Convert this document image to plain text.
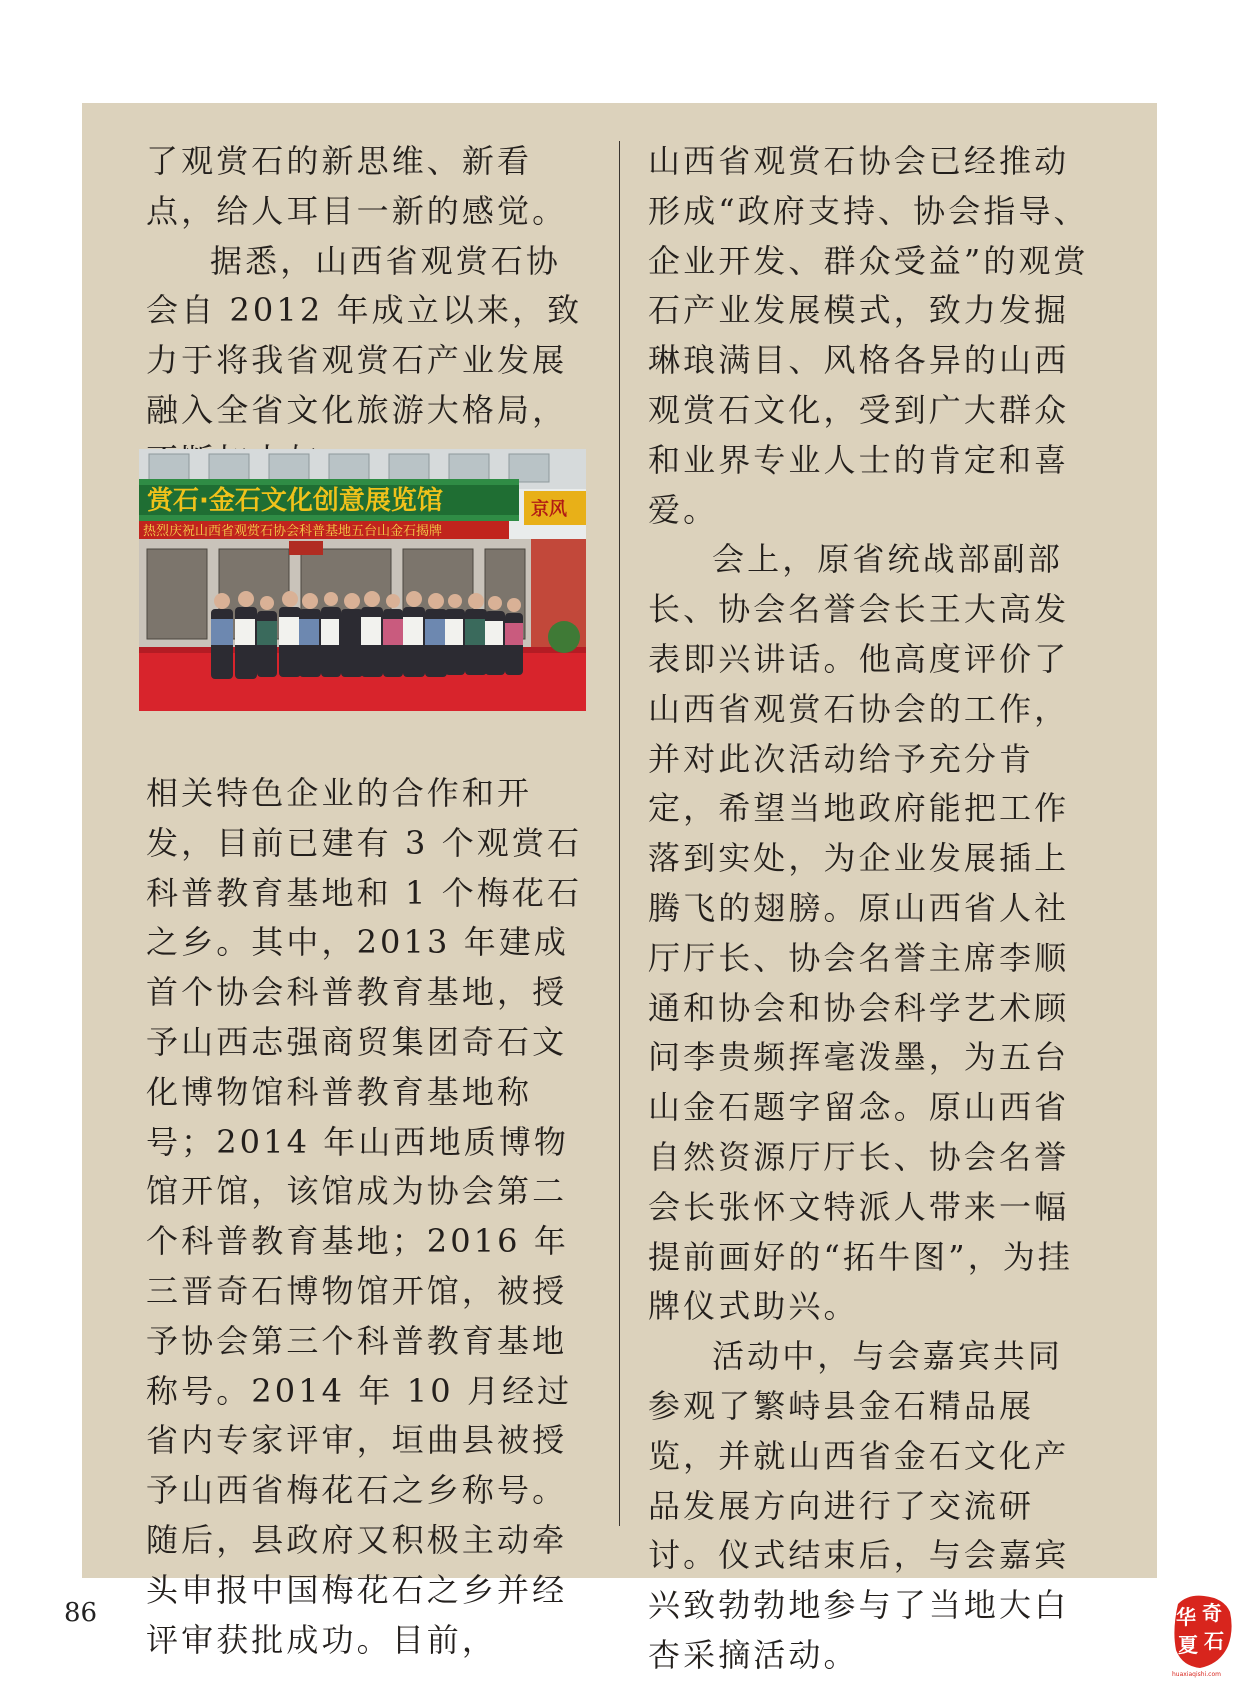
了观赏石的新思维、新看点，给人耳目一新的感觉。

据悉，山西省观赏石协会自 2012 年成立以来，致力于将我省观赏石产业发展融入全省文化旅游大格局，

相关特色企业的合作和开发，目前已建有 3 个观赏石科普教育基地和 1 个梅花石之乡。其中，2013 年建成首个协会科普教育基地，授予山西志强商贸集团奇石文化博物馆科普教育基地称号；2014 年山西地质博物馆开馆，该馆成为协会第二个科普教育基地；2016 年三晋奇石博物馆开馆，被授予协会第三个科普教育基地称号。2014 年 10 月经过省内专家评审，垣曲县被授予山西省梅花石之乡称号。随后，县政府又积极主动牵头申报中国梅花石之乡并经评审获批成功。目前，

赏石·金石文化创意展览馆	京风
热烈庆祝山西省观赏石协会科普基地五台山金石揭牌

山西省观赏石协会已经推动形成“政府支持、协会指导、企业开发、群众受益”的观赏石产业发展模式，致力发掘琳琅满目、风格各异的山西观赏石文化，受到广大群众和业界专业人士的肯定和喜爱。

会上，原省统战部副部长、协会名誉会长王大高发表即兴讲话。他高度评价了山西省观赏石协会的工作，并对此次活动给予充分肯定，希望当地政府能把工作落到实处，为企业发展插上腾飞的翅膀。原山西省人社厅厅长、协会名誉主席李顺通和协会和协会科学艺术顾问李贵频挥毫泼墨，为五台山金石题字留念。原山西省自然资源厅厅长、协会名誉会长张怀文特派人带来一幅提前画好的“拓牛图”，为挂牌仪式助兴。

活动中，与会嘉宾共同参观了繁峙县金石精品展览，并就山西省金石文化产品发展方向进行了交流研讨。仪式结束后，与会嘉宾兴致勃勃地参与了当地大白杏采摘活动。

86	华 奇
夏 石
huaxiaqishi.com
